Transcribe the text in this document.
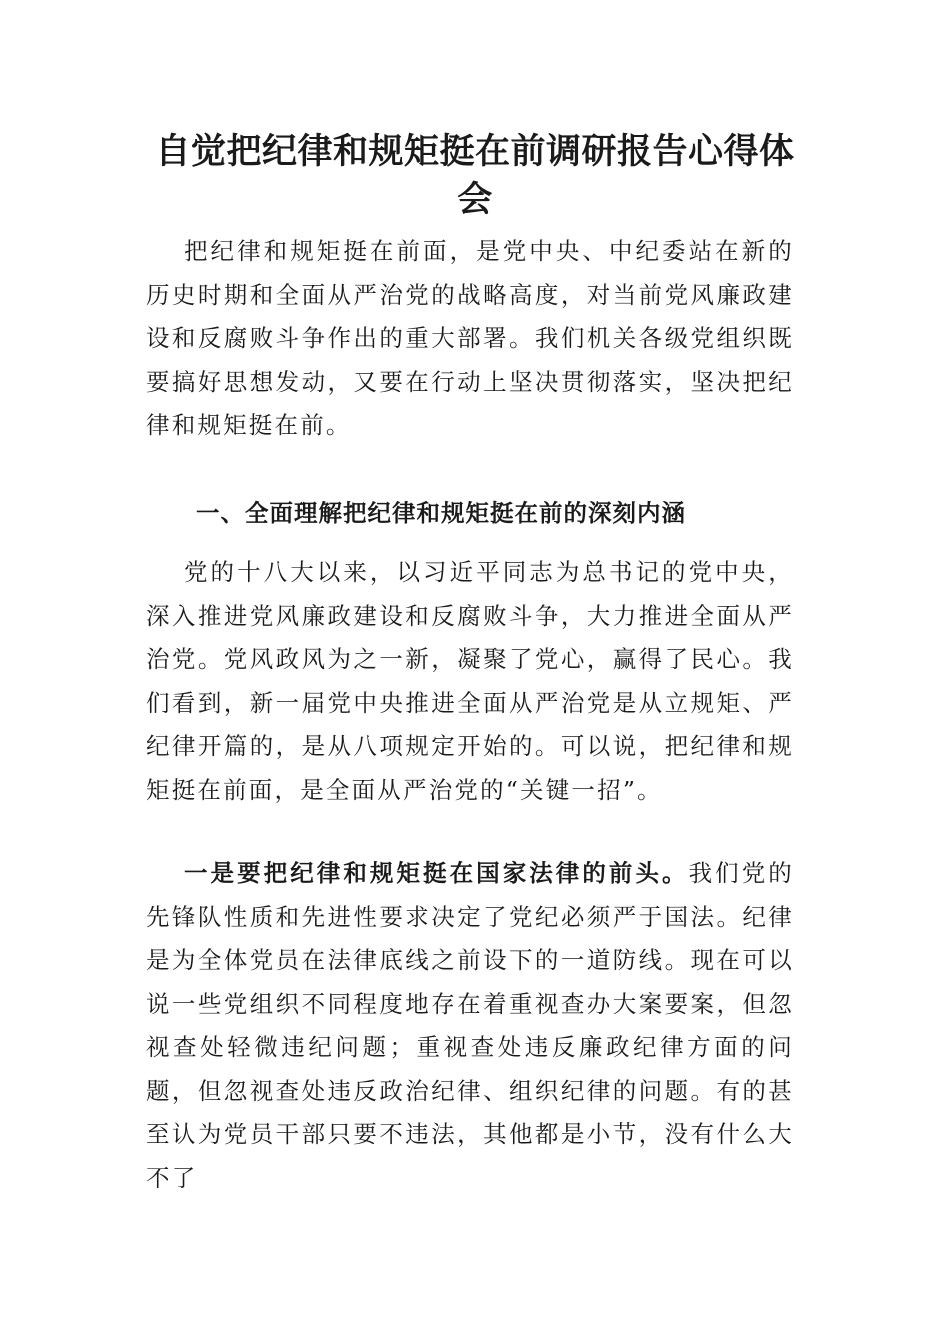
自觉把纪律和规矩挺在前调研报告心得体会

把纪律和规矩挺在前面，是党中央、中纪委站在新的历史时期和全面从严治党的战略高度，对当前党风廉政建设和反腐败斗争作出的重大部署。我们机关各级党组织既要搞好思想发动，又要在行动上坚决贯彻落实，坚决把纪律和规矩挺在前。

一、全面理解把纪律和规矩挺在前的深刻内涵

党的十八大以来，以习近平同志为总书记的党中央，深入推进党风廉政建设和反腐败斗争，大力推进全面从严治党。党风政风为之一新，凝聚了党心，赢得了民心。我们看到，新一届党中央推进全面从严治党是从立规矩、严纪律开篇的，是从八项规定开始的。可以说，把纪律和规矩挺在前面，是全面从严治党的“关键一招”。

一是要把纪律和规矩挺在国家法律的前头。我们党的先锋队性质和先进性要求决定了党纪必须严于国法。纪律是为全体党员在法律底线之前设下的一道防线。现在可以说一些党组织不同程度地存在着重视查办大案要案，但忽视查处轻微违纪问题；重视查处违反廉政纪律方面的问题，但忽视查处违反政治纪律、组织纪律的问题。有的甚至认为党员干部只要不违法，其他都是小节，没有什么大不了
